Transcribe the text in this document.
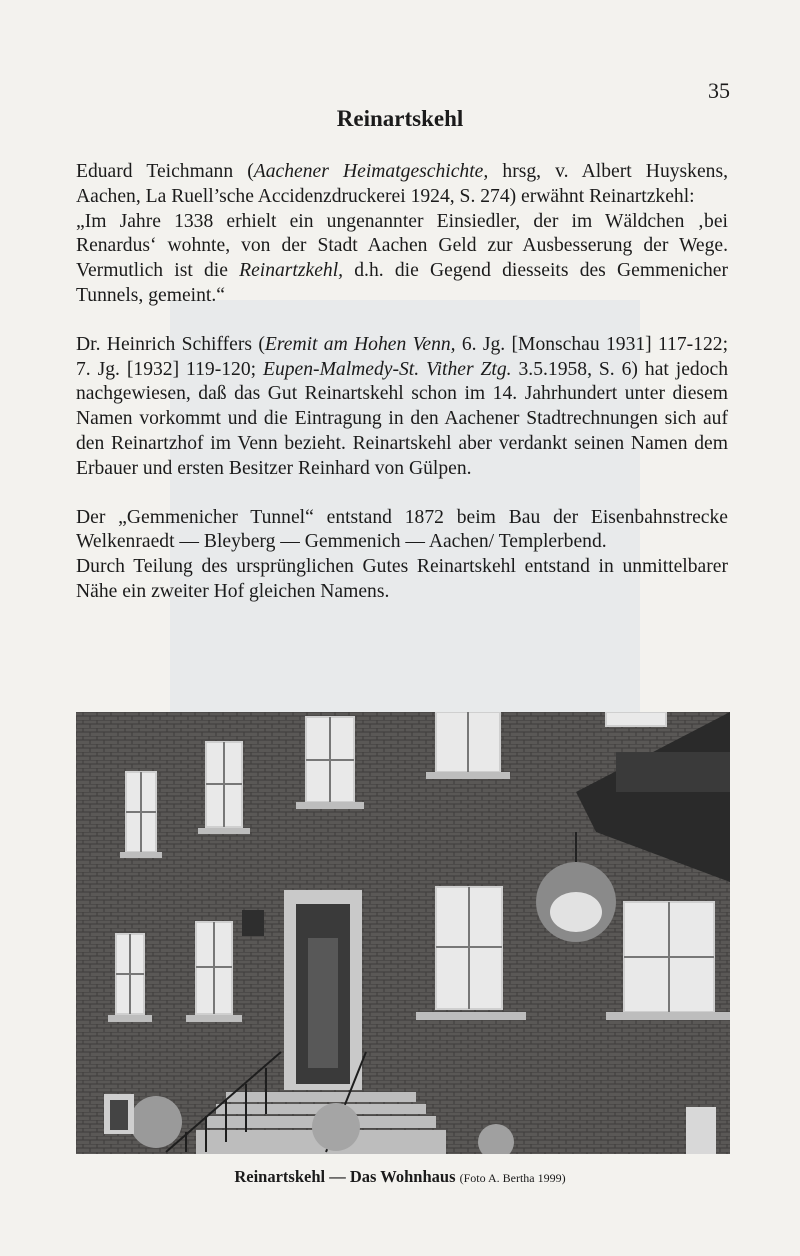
35
Reinartskehl

Eduard Teichmann (Aachener Heimatgeschichte, hrsg, v. Albert Huyskens, Aachen, La Ruell’sche Accidenzdruckerei 1924, S. 274) erwähnt Reinartzkehl:

„Im Jahre 1338 erhielt ein ungenannter Einsiedler, der im Wäldchen ‚bei Renardus‘ wohnte, von der Stadt Aachen Geld zur Ausbesserung der Wege. Vermutlich ist die Reinartzkehl, d.h. die Gegend diesseits des Gemmenicher Tunnels, gemeint.“

Dr. Heinrich Schiffers (Eremit am Hohen Venn, 6. Jg. [Monschau 1931] 117-122; 7. Jg. [1932] 119-120; Eupen-Malmedy-St. Vither Ztg. 3.5.1958, S. 6) hat jedoch nachgewiesen, daß das Gut Reinartskehl schon im 14. Jahrhundert unter diesem Namen vorkommt und die Eintragung in den Aachener Stadtrechnungen sich auf den Reinartzhof im Venn bezieht. Reinartskehl aber verdankt seinen Namen dem Erbauer und ersten Besitzer Reinhard von Gülpen.

Der „Gemmenicher Tunnel“ entstand 1872 beim Bau der Eisenbahnstrecke Welkenraedt — Bleyberg — Gemmenich — Aachen/ Templerbend.

Durch Teilung des ursprünglichen Gutes Reinartskehl entstand in unmittelbarer Nähe ein zweiter Hof gleichen Namens.

Reinartskehl — Das Wohnhaus (Foto A. Bertha 1999)
